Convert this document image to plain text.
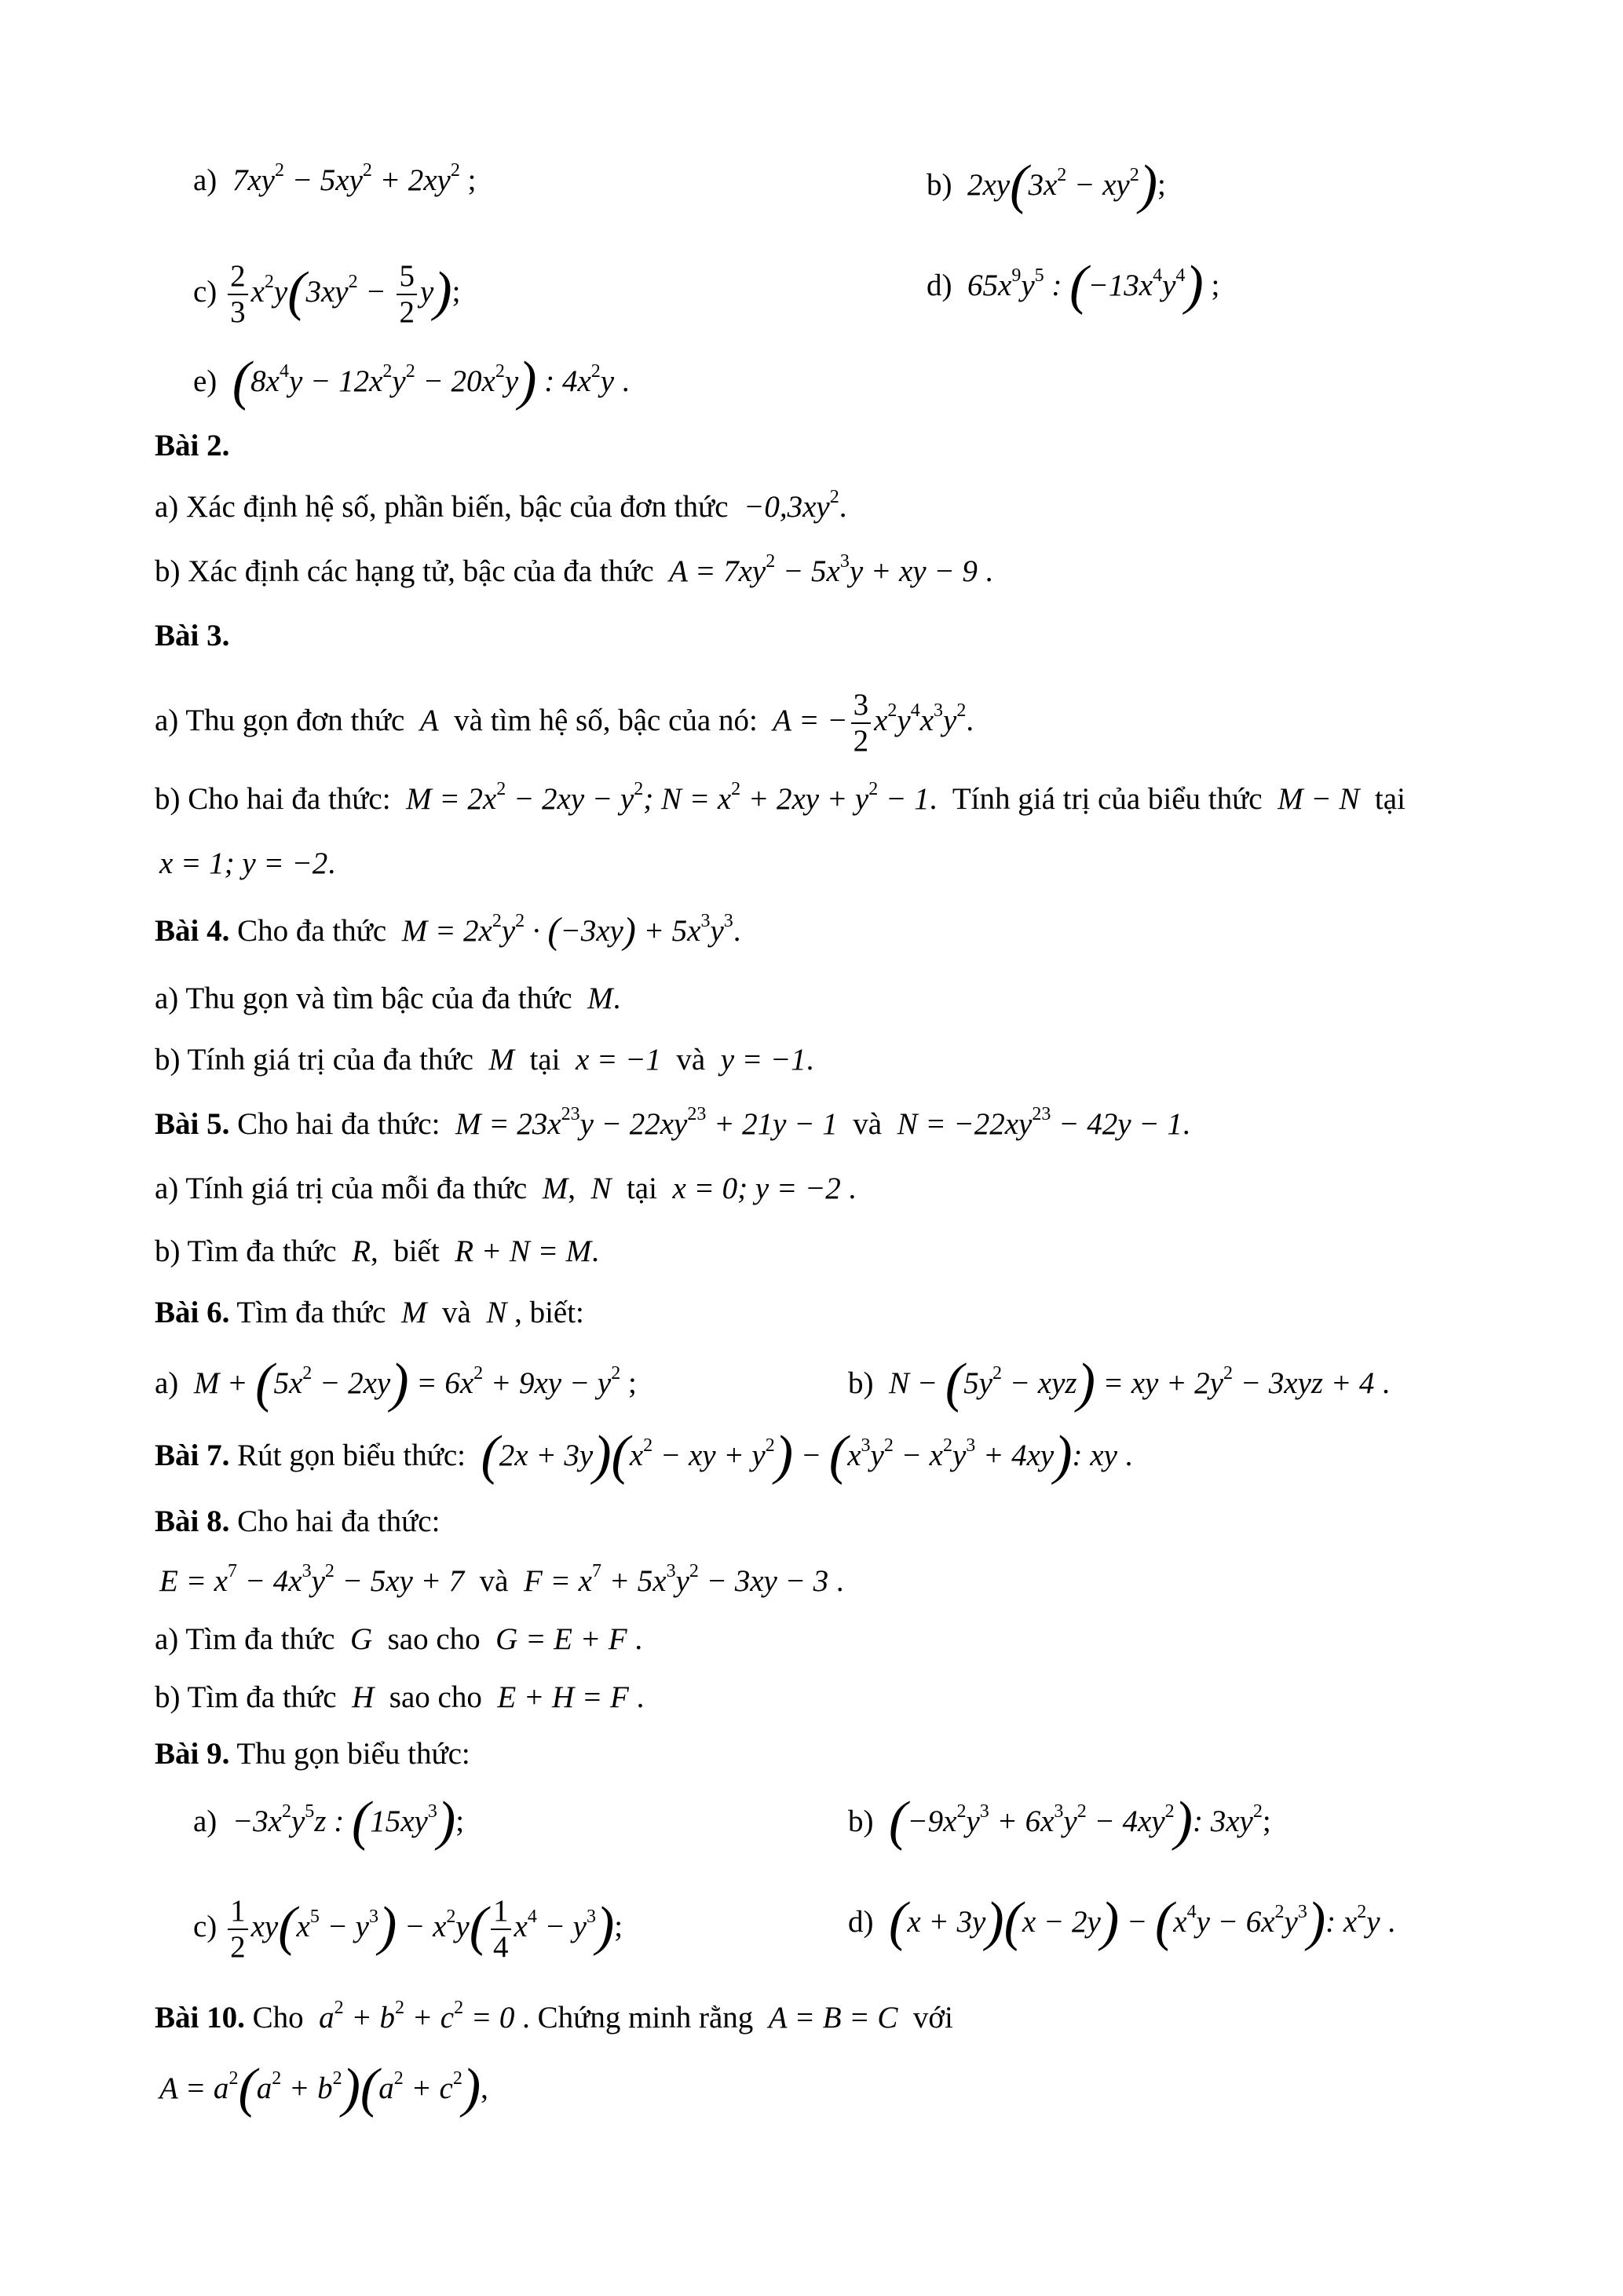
a)  $7xy^2 - 5xy^2 + 2xy^2$ ;	b)  $2xy(3x^2 - xy^2)$;
$c) \frac{2}{3} x^2y(3xy^2 - \frac{5}{2} y)$;	d)  $65x^9y^5$ : $(-13x^4y^4)$ ;
e)  $(8x^4y - 12x^2y^2 - 20x^2y)$ : $4x^2y$ .
Bài 2.
a) Xác định hệ số, phần biến, bậc của đơn thức  $-0,3xy^2$.
b) Xác định các hạng tử, bậc của đa thức  $A = 7xy^2 - 5x^3y$ + xy − 9 .
Bài 3.
a) Thu gọn đơn thức  A  và tìm hệ số, bậc của nó:  A = − $\frac{3}{2} x^2y^4x^3y^2$.
b) Cho hai đa thức:  $M = 2x^2 - 2xy - y^2$; $N = x^2 + 2xy + y^2 - 1$.  Tính giá trị của biểu thức  M − N  tại
x = 1; y = −2.
Bài 4. Cho đa thức  $M = 2x^2y^2 \cdot (-3xy) + 5x^3y^3$.
a) Thu gọn và tìm bậc của đa thức  M.
b) Tính giá trị của đa thức  M  tại  x = −1  và  y = −1.
Bài 5. Cho hai đa thức:  $M = 23x^{23}y - 22xy^{23} + 21y - 1$  và  $N = -22xy^{23} - 42y - 1$.
a) Tính giá trị của mỗi đa thức  M,  N  tại  x = 0; y = −2 .
b) Tìm đa thức  R,  biết  R + N = M.
Bài 6. Tìm đa thức  M  và  N , biết:
a)  $M + (5x^2 - 2xy) = 6x^2 + 9xy - y^2$ ;	b)  $N - (5y^2 - xyz)$ = xy + $2y^2 - 3xyz + 4$ .
Bài 7. Rút gọn biểu thức:  $(2x + 3y)(x^2$ − xy + $y^2) - (x^3y^2 - x^2y^3 + 4xy)$: xy .
Bài 8. Cho hai đa thức:
$E = x^7 - 4x^3y^2 - 5xy + 7$  và  $F = x^7 + 5x^3y^2 - 3xy - 3$ .
a) Tìm đa thức  G  sao cho  G = E + F .
b) Tìm đa thức  H  sao cho  E + H = F .
Bài 9. Thu gọn biểu thức:
$a) -3x^2y^5z$ : $(15xy^3)$;	b)  $(-9x^2y^3 + 6x^3y^2 - 4xy^2)$: $3xy^2$;
$c) \frac{1}{2} xy(x^5 - y^3) - x^2y( \frac{1}{4} x^4 - y^3)$;	d)  $(x + 3y)(x - 2y) - (x^4y - 6x^2y^3)$: $x^2y$ .
Bài 10. Cho  $a^2 + b^2 + c^2 = 0$ . Chứng minh rằng  A = B = C  với
$A = a^2(a^2 + b^2)(a^2 + c^2)$,
